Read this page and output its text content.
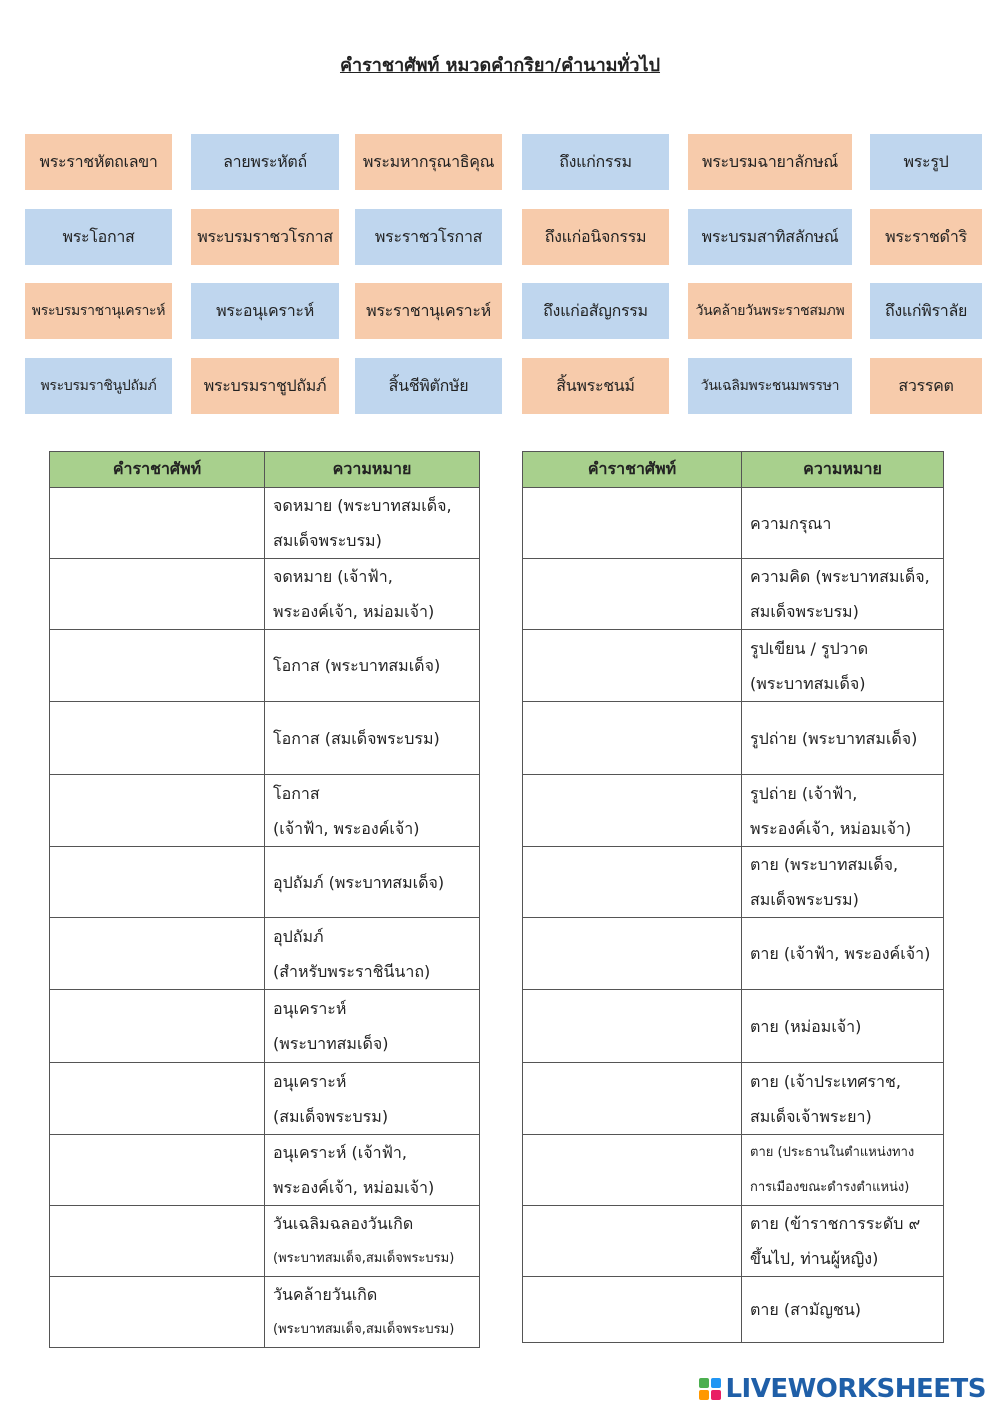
คำราชาศัพท์ หมวดคำกริยา/คำนามทั่วไป
พระราชหัตถเลขา	ลายพระหัตถ์	พระมหากรุณาธิคุณ	ถึงแก่กรรม	พระบรมฉายาลักษณ์	พระรูป
พระโอกาส	พระบรมราชวโรกาส	พระราชวโรกาส	ถึงแก่อนิจกรรม	พระบรมสาทิสลักษณ์	พระราชดำริ
พระบรมราชานุเคราะห์	พระอนุเคราะห์	พระราชานุเคราะห์	ถึงแก่อสัญกรรม	วันคล้ายวันพระราชสมภพ	ถึงแก่พิราลัย
พระบรมราชินูปถัมภ์	พระบรมราชูปถัมภ์	สิ้นชีพิตักษัย	สิ้นพระชนม์	วันเฉลิมพระชนมพรรษา	สวรรคต
คำราชาศัพท์	ความหมาย

	จดหมาย (พระบาทสมเด็จ,
สมเด็จพระบรม)

	จดหมาย (เจ้าฟ้า,
พระองค์เจ้า, หม่อมเจ้า)

	โอกาส (พระบาทสมเด็จ)

	โอกาส (สมเด็จพระบรม)

	โอกาส
(เจ้าฟ้า, พระองค์เจ้า)

	อุปถัมภ์ (พระบาทสมเด็จ)

	อุปถัมภ์
(สำหรับพระราชินีนาถ)

	อนุเคราะห์
(พระบาทสมเด็จ)

	อนุเคราะห์
(สมเด็จพระบรม)

	อนุเคราะห์ (เจ้าฟ้า,
พระองค์เจ้า, หม่อมเจ้า)

	วันเฉลิมฉลองวันเกิด
(พระบาทสมเด็จ,สมเด็จพระบรม)

	วันคล้ายวันเกิด
(พระบาทสมเด็จ,สมเด็จพระบรม)
คำราชาศัพท์	ความหมาย

	ความกรุณา

	ความคิด (พระบาทสมเด็จ,
สมเด็จพระบรม)

	รูปเขียน / รูปวาด
(พระบาทสมเด็จ)

	รูปถ่าย (พระบาทสมเด็จ)

	รูปถ่าย (เจ้าฟ้า,
พระองค์เจ้า, หม่อมเจ้า)

	ตาย (พระบาทสมเด็จ,
สมเด็จพระบรม)

	ตาย (เจ้าฟ้า, พระองค์เจ้า)

	ตาย (หม่อมเจ้า)

	ตาย (เจ้าประเทศราช,
สมเด็จเจ้าพระยา)

	ตาย (ประธานในตำแหน่งทาง
การเมืองขณะดำรงตำแหน่ง)

	ตาย (ข้าราชการระดับ ๙
ขึ้นไป, ท่านผู้หญิง)

	ตาย (สามัญชน)
LIVEWORKSHEETS
